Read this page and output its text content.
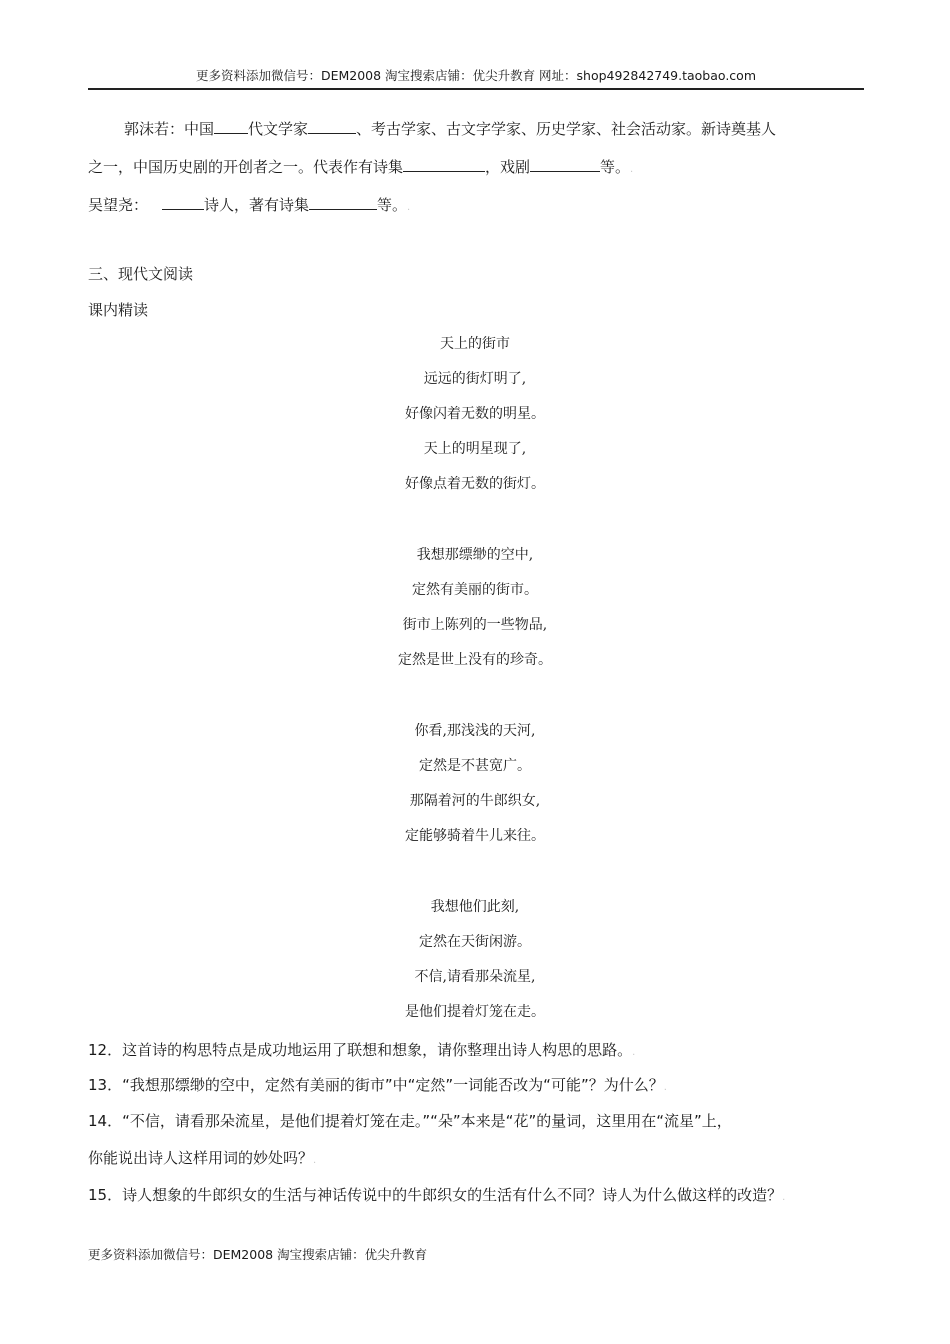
更多资料添加微信号：DEM2008 淘宝搜索店铺：优尖升教育 网址：shop492842749.taobao.com
郭沫若：中国 代文学家	、考古学家、古文字学家、历史学家、社会活动家。新诗奠基人
之一，中国历史剧的开创者之一。代表作有诗集	，戏剧	等。.
吴望尧：	诗人，著有诗集	等。.
三、现代文阅读
课内精读
天上的街市
远远的街灯明了,
好像闪着无数的明星。
天上的明星现了,
好像点着无数的街灯。
我想那缥缈的空中,
定然有美丽的街市。
街市上陈列的一些物品,
定然是世上没有的珍奇。
你看,那浅浅的天河,
定然是不甚宽广。
那隔着河的牛郎织女,
定能够骑着牛儿来往。
我想他们此刻,
定然在天街闲游。
不信,请看那朵流星,
是他们提着灯笼在走。
12．这首诗的构思特点是成功地运用了联想和想象，请你整理出诗人构思的思路。.
13．“我想那缥缈的空中，定然有美丽的街市”中“定然”一词能否改为“可能”？为什么？.
14．“不信，请看那朵流星，是他们提着灯笼在走。”“朵”本来是“花”的量词，这里用在“流星”上，
你能说出诗人这样用词的妙处吗？.
15．诗人想象的牛郎织女的生活与神话传说中的牛郎织女的生活有什么不同？诗人为什么做这样的改造？.
更多资料添加微信号：DEM2008 淘宝搜索店铺：优尖升教育
